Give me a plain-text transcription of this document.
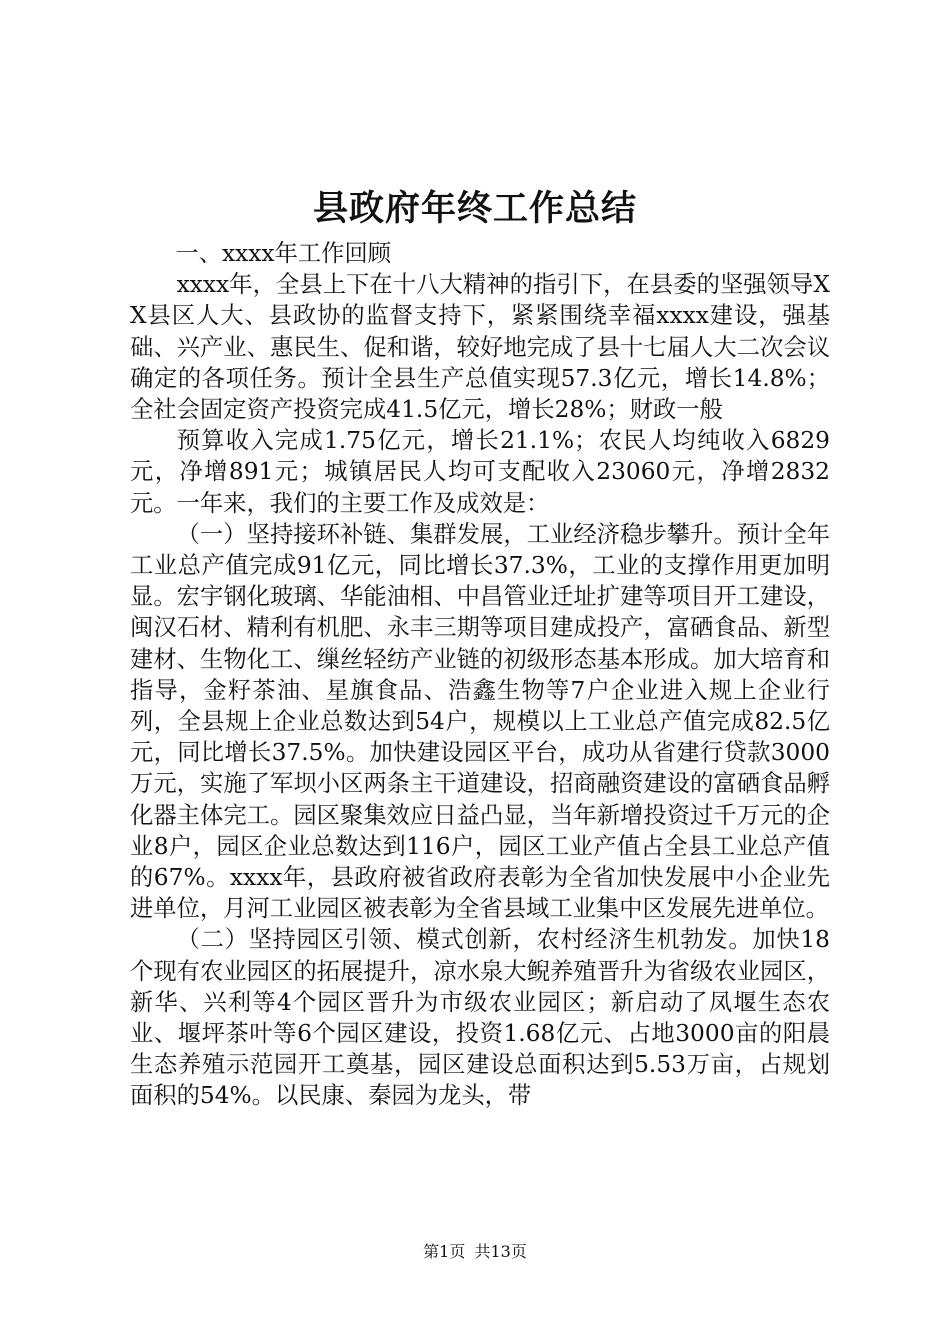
县政府年终工作总结

一、xxxx年工作回顾

xxxx年，全县上下在十八大精神的指引下，在县委的坚强领导XX县区人大、县政协的监督支持下，紧紧围绕幸福xxxx建设，强基础、兴产业、惠民生、促和谐，较好地完成了县十七届人大二次会议确定的各项任务。预计全县生产总值实现57.3亿元，增长14.8%；全社会固定资产投资完成41.5亿元，增长28%；财政一般

预算收入完成1.75亿元，增长21.1%；农民人均纯收入6829元，净增891元；城镇居民人均可支配收入23060元，净增2832元。一年来，我们的主要工作及成效是：

（一）坚持接环补链、集群发展，工业经济稳步攀升。预计全年工业总产值完成91亿元，同比增长37.3%，工业的支撑作用更加明显。宏宇钢化玻璃、华能油相、中昌管业迁址扩建等项目开工建设，闽汉石材、精利有机肥、永丰三期等项目建成投产，富硒食品、新型建材、生物化工、缫丝轻纺产业链的初级形态基本形成。加大培育和指导，金籽茶油、星旗食品、浩鑫生物等7户企业进入规上企业行列，全县规上企业总数达到54户，规模以上工业总产值完成82.5亿元，同比增长37.5%。加快建设园区平台，成功从省建行贷款3000万元，实施了军坝小区两条主干道建设，招商融资建设的富硒食品孵化器主体完工。园区聚集效应日益凸显，当年新增投资过千万元的企业8户，园区企业总数达到116户，园区工业产值占全县工业总产值的67%。xxxx年，县政府被省政府表彰为全省加快发展中小企业先进单位，月河工业园区被表彰为全省县域工业集中区发展先进单位。

（二）坚持园区引领、模式创新，农村经济生机勃发。加快18个现有农业园区的拓展提升，凉水泉大鲵养殖晋升为省级农业园区，新华、兴利等4个园区晋升为市级农业园区；新启动了凤堰生态农业、堰坪茶叶等6个园区建设，投资1.68亿元、占地3000亩的阳晨生态养殖示范园开工奠基，园区建设总面积达到5.53万亩，占规划面积的54%。以民康、秦园为龙头，带

第1页 共13页
